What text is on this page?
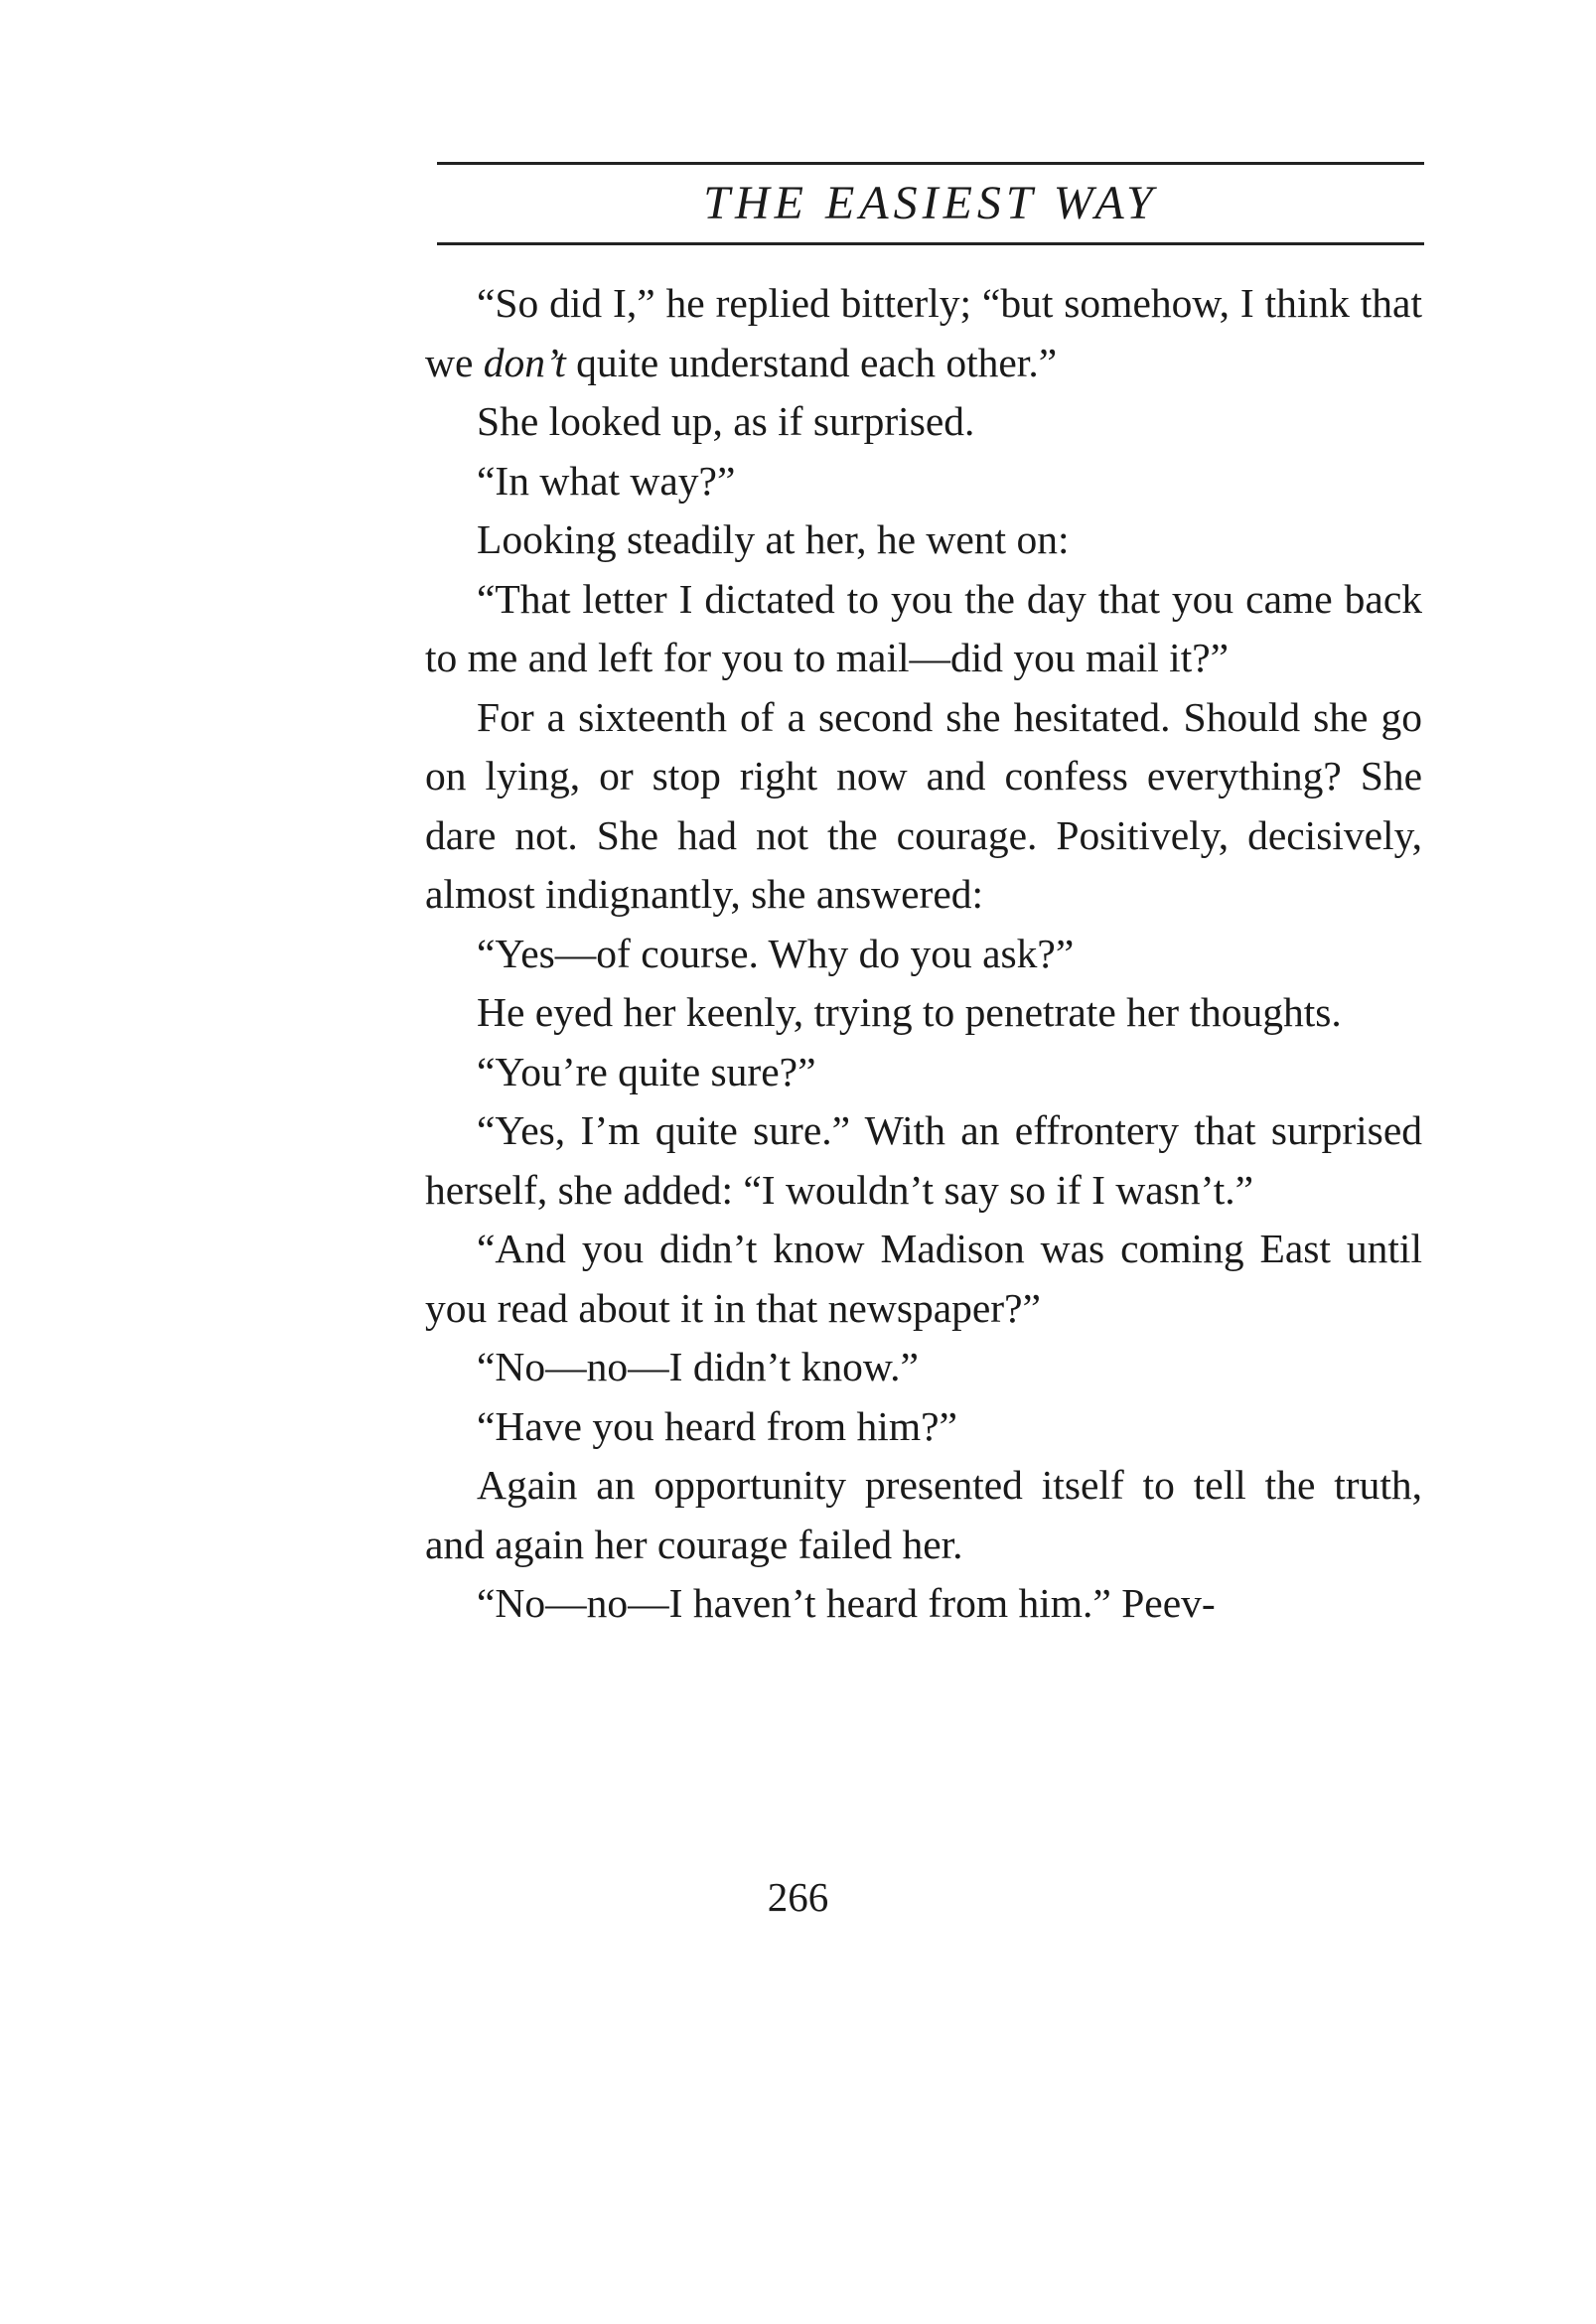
THE EASIEST WAY

“So did I,” he replied bitterly; “but somehow, I think that we don’t quite understand each other.”

She looked up, as if surprised.

“In what way?”

Looking steadily at her, he went on:

“That letter I dictated to you the day that you came back to me and left for you to mail—did you mail it?”

For a sixteenth of a second she hesitated. Should she go on lying, or stop right now and confess everything? She dare not. She had not the courage. Positively, decisively, almost indignantly, she answered:

“Yes—of course. Why do you ask?”

He eyed her keenly, trying to penetrate her thoughts.

“You’re quite sure?”

“Yes, I’m quite sure.” With an effrontery that surprised herself, she added: “I wouldn’t say so if I wasn’t.”

“And you didn’t know Madison was coming East until you read about it in that newspaper?”

“No—no—I didn’t know.”

“Have you heard from him?”

Again an opportunity presented itself to tell the truth, and again her courage failed her.

“No—no—I haven’t heard from him.” Peev-

266
